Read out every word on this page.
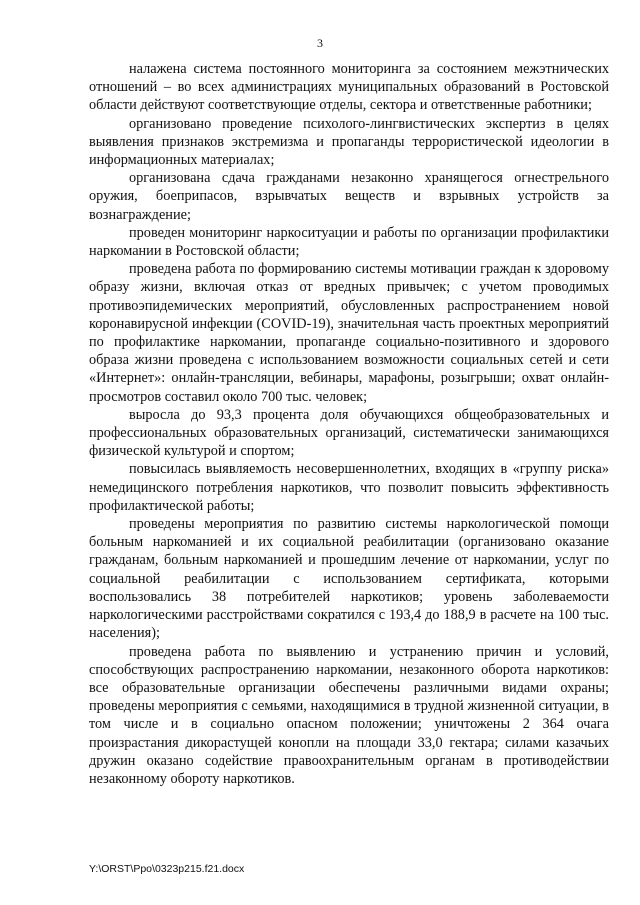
3

налажена система постоянного мониторинга за состоянием межэтнических отношений – во всех администрациях муниципальных образований в Ростовской области действуют соответствующие отделы, сектора и ответственные работники;

организовано проведение психолого-лингвистических экспертиз в целях выявления признаков экстремизма и пропаганды террористической идеологии в информационных материалах;

организована сдача гражданами незаконно хранящегося огнестрельного оружия, боеприпасов, взрывчатых веществ и взрывных устройств за вознаграждение;

проведен мониторинг наркоситуации и работы по организации профилактики наркомании в Ростовской области;

проведена работа по формированию системы мотивации граждан к здоровому образу жизни, включая отказ от вредных привычек; с учетом проводимых противоэпидемических мероприятий, обусловленных распространением новой коронавирусной инфекции (COVID-19), значительная часть проектных мероприятий по профилактике наркомании, пропаганде социально-позитивного и здорового образа жизни проведена с использованием возможности социальных сетей и сети «Интернет»: онлайн-трансляции, вебинары, марафоны, розыгрыши; охват онлайн-просмотров составил около 700 тыс. человек;

выросла до 93,3 процента доля обучающихся общеобразовательных и профессиональных образовательных организаций, систематически занимающихся физической культурой и спортом;

повысилась выявляемость несовершеннолетних, входящих в «группу риска» немедицинского потребления наркотиков, что позволит повысить эффективность профилактической работы;

проведены мероприятия по развитию системы наркологической помощи больным наркоманией и их социальной реабилитации (организовано оказание гражданам, больным наркоманией и прошедшим лечение от наркомании, услуг по социальной реабилитации с использованием сертификата, которыми воспользовались 38 потребителей наркотиков; уровень заболеваемости наркологическими расстройствами сократился с 193,4 до 188,9 в расчете на 100 тыс. населения);

проведена работа по выявлению и устранению причин и условий, способствующих распространению наркомании, незаконного оборота наркотиков: все образовательные организации обеспечены различными видами охраны; проведены мероприятия с семьями, находящимися в трудной жизненной ситуации, в том числе и в социально опасном положении; уничтожены 2 364 очага произрастания дикорастущей конопли на площади 33,0 гектара; силами казачьих дружин оказано содействие правоохранительным органам в противодействии незаконному обороту наркотиков.

Y:\ORST\Ppo\0323p215.f21.docx
